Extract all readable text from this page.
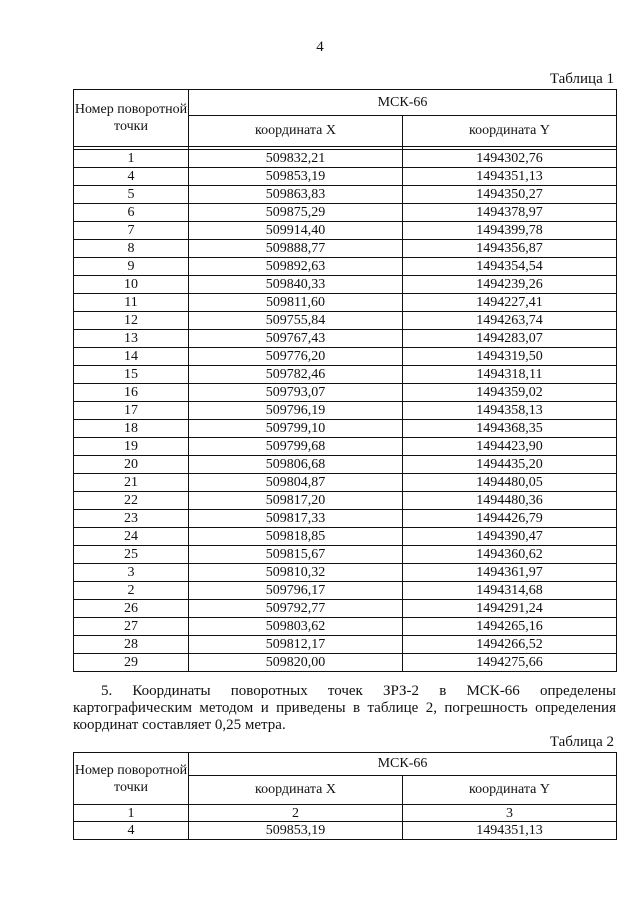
4
Таблица 1
Номер поворотной точки	МСК-66	
	координата X	координата Y

1	509832,21	1494302,76
4	509853,19	1494351,13
5	509863,83	1494350,27
6	509875,29	1494378,97
7	509914,40	1494399,78
8	509888,77	1494356,87
9	509892,63	1494354,54
10	509840,33	1494239,26
11	509811,60	1494227,41
12	509755,84	1494263,74
13	509767,43	1494283,07
14	509776,20	1494319,50
15	509782,46	1494318,11
16	509793,07	1494359,02
17	509796,19	1494358,13
18	509799,10	1494368,35
19	509799,68	1494423,90
20	509806,68	1494435,20
21	509804,87	1494480,05
22	509817,20	1494480,36
23	509817,33	1494426,79
24	509818,85	1494390,47
25	509815,67	1494360,62
3	509810,32	1494361,97
2	509796,17	1494314,68
26	509792,77	1494291,24
27	509803,62	1494265,16
28	509812,17	1494266,52
29	509820,00	1494275,66
5. Координаты поворотных точек ЗРЗ-2 в МСК-66 определены картографическим методом и приведены в таблице 2, погрешность определения координат составляет 0,25 метра.
Таблица 2
Номер поворотной точки	МСК-66	
	координата X	координата Y
1	2	3
4	509853,19	1494351,13
